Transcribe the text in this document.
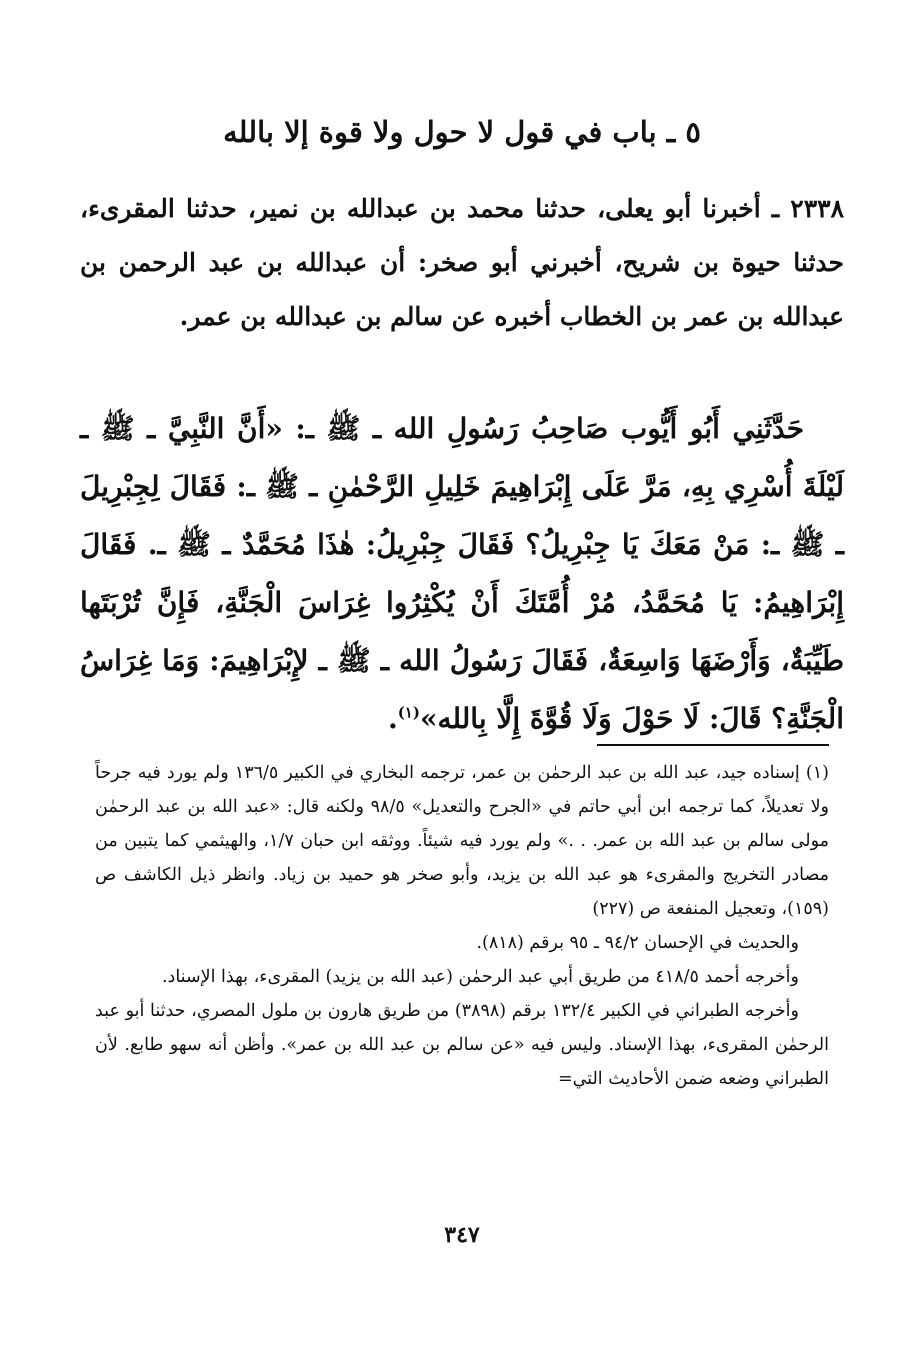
٥ ـ باب في قول لا حول ولا قوة إلا بالله

٢٣٣٨ ـ أخبرنا أبو يعلى، حدثنا محمد بن عبدالله بن نمير، حدثنا المقرىء، حدثنا حيوة بن شريح، أخبرني أبو صخر: أن عبدالله بن عبد الرحمن بن عبدالله بن عمر بن الخطاب أخبره عن سالم بن عبدالله بن عمر.

حَدَّثَنِي أَبُو أَيُّوب صَاحِبُ رَسُولِ الله ـ ﷺ ـ: «أَنَّ النَّبِيَّ ـ ﷺ ـ لَيْلَةَ أُسْرِي بِهِ، مَرَّ عَلَى إِبْرَاهِيمَ خَلِيلِ الرَّحْمٰنِ ـ ﷺ ـ: فَقَالَ لِجِبْرِيلَ ـ ﷺ ـ: مَنْ مَعَكَ يَا جِبْرِيلُ؟ فَقَالَ جِبْرِيلُ: هٰذَا مُحَمَّدٌ ـ ﷺ ـ. فَقَالَ إِبْرَاهِيمُ: يَا مُحَمَّدُ، مُرْ أُمَّتَكَ أَنْ يُكْثِرُوا غِرَاسَ الْجَنَّةِ، فَإِنَّ تُرْبَتَها طَيِّبَةٌ، وَأَرْضَهَا وَاسِعَةٌ، فَقَالَ رَسُولُ الله ـ ﷺ ـ لإِبْرَاهِيمَ: وَمَا غِرَاسُ الْجَنَّةِ؟ قَالَ: لَا حَوْلَ وَلَا قُوَّةَ إِلَّا بِالله»$^{(١)}$.

(١) إسناده جيد، عبد الله بن عبد الرحمٰن بن عمر، ترجمه البخاري في الكبير ١٣٦/٥ ولم يورد فيه جرحاً ولا تعديلاً، كما ترجمه ابن أبي حاتم في «الجرح والتعديل» ٩٨/٥ ولكنه قال: «عبد الله بن عبد الرحمٰن مولى سالم بن عبد الله بن عمر. . .» ولم يورد فيه شيئاً. ووثقه ابن حبان ١/٧، والهيثمي كما يتبين من مصادر التخريج والمقرىء هو عبد الله بن يزيد، وأبو صخر هو حميد بن زياد. وانظر ذيل الكاشف ص (١٥٩)، وتعجيل المنفعة ص (٢٢٧)

والحديث في الإحسان ٩٤/٢ ـ ٩٥ برقم (٨١٨).

وأخرجه أحمد ٤١٨/٥ من طريق أبي عبد الرحمٰن (عبد الله بن يزيد) المقرىء، بهذا الإسناد.

وأخرجه الطبراني في الكبير ١٣٢/٤ برقم (٣٨٩٨) من طريق هارون بن ملول المصري، حدثنا أبو عبد الرحمٰن المقرىء، بهذا الإسناد. وليس فيه «عن سالم بن عبد الله بن عمر». وأظن أنه سهو طابع. لأن الطبراني وضعه ضمن الأحاديث التي=

٣٤٧
